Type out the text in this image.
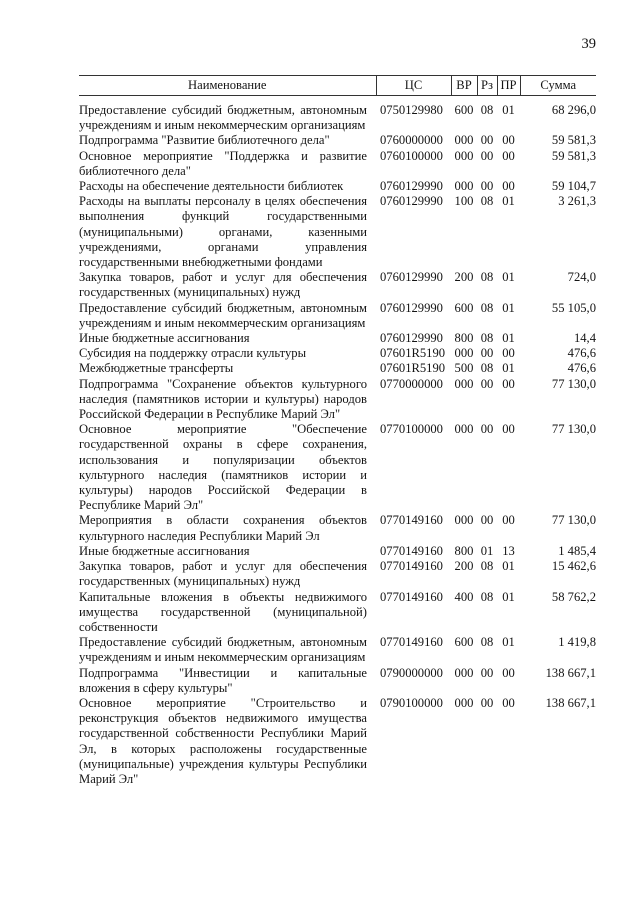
39
Наименование	ЦС	ВР	Рз	ПР	Сумма

Предоставление субсидий бюджетным, автономным учреждениям и иным некоммерческим организациям	0750129980	600	08	01	68 296,0
Подпрограмма "Развитие библиотечного дела"	0760000000	000	00	00	59 581,3
Основное мероприятие "Поддержка и развитие библиотечного дела"	0760100000	000	00	00	59 581,3
Расходы на обеспечение деятельности библиотек	0760129990	000	00	00	59 104,7
Расходы на выплаты персоналу в целях обеспечения выполнения функций государственными (муниципальными) органами, казенными учреждениями, органами управления государственными внебюджетными фондами	0760129990	100	08	01	3 261,3
Закупка товаров, работ и услуг для обеспечения государственных (муниципальных) нужд	0760129990	200	08	01	724,0
Предоставление субсидий бюджетным, автономным учреждениям и иным некоммерческим организациям	0760129990	600	08	01	55 105,0
Иные бюджетные ассигнования	0760129990	800	08	01	14,4
Субсидия на поддержку отрасли культуры	07601R5190	000	00	00	476,6
Межбюджетные трансферты	07601R5190	500	08	01	476,6
Подпрограмма "Сохранение объектов культурного наследия (памятников истории и культуры) народов Российской Федерации в Республике Марий Эл"	0770000000	000	00	00	77 130,0
Основное мероприятие "Обеспечение государственной охраны в сфере сохранения, использования и популяризации объектов культурного наследия (памятников истории и культуры) народов Российской Федерации в Республике Марий Эл"	0770100000	000	00	00	77 130,0
Мероприятия в области сохранения объектов культурного наследия Республики Марий Эл	0770149160	000	00	00	77 130,0
Иные бюджетные ассигнования	0770149160	800	01	13	1 485,4
Закупка товаров, работ и услуг для обеспечения государственных (муниципальных) нужд	0770149160	200	08	01	15 462,6
Капитальные вложения в объекты недвижимого имущества государственной (муниципальной) собственности	0770149160	400	08	01	58 762,2
Предоставление субсидий бюджетным, автономным учреждениям и иным некоммерческим организациям	0770149160	600	08	01	1 419,8
Подпрограмма "Инвестиции и капитальные вложения в сферу культуры"	0790000000	000	00	00	138 667,1
Основное мероприятие "Строительство и реконструкция объектов недвижимого имущества государственной собственности Республики Марий Эл, в которых расположены государственные (муниципальные) учреждения культуры Республики Марий Эл"	0790100000	000	00	00	138 667,1
